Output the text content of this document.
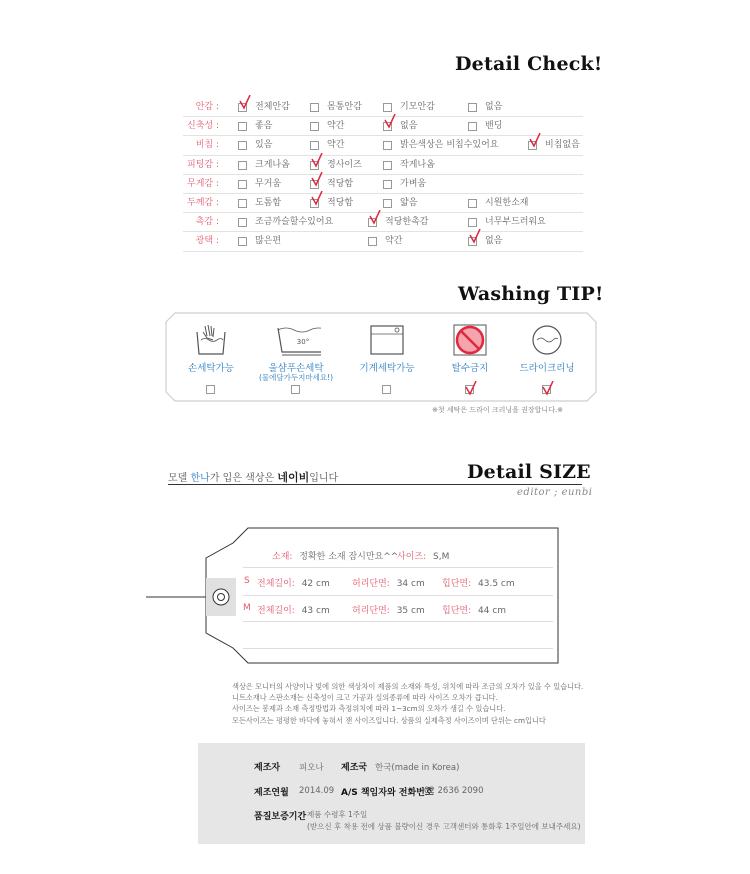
Detail Check!
안감 :	전체안감	몸통안감	기모안감	없음
신축성 :	좋음	약간	없음	밴딩
비침 :	있음	약간	밝은색상은 비침수있어요	비침없음
피팅감 :	크게나옴	정사이즈	작게나옴
무게감 :	무거움	적당함	가벼움
두께감 :	도톰함	적당함	얇음	시원한소재
촉감 :	조금까슬할수있어요	적당한촉감	너무부드러워요
광택 :	많은편	약간	없음
Washing TIP!
손세탁가능
30°
울샴푸손세탁
(물에담가두지마세요!)
기계세탁가능	탈수금지	드라이크리닝
※첫 세탁은 드라이 크리닝을 권장합니다.※
모델 한나가 입은 색상은 네이비입니다	Detail SIZE
editor ; eunbi
소재: 정확한 소재 잠시만요^^
사이즈: S,M
S 전체길이: 42 cm 허리단면: 34 cm 힙단면: 43.5 cm
M 전체길이: 43 cm 허리단면: 35 cm 힙단면: 44 cm
색상은 모니터의 사양이나 빛에 의한 색상차이 제품의 소재와 특성, 위치에 따라 조금의 오차가 있을 수 있습니다.
니트소재나 스판소재는 신축성이 크고 가공과 실의종류에 따라 사이즈 오차가 큽니다.
사이즈는 봉제과 소재 측정방법과 측정위치에 따라 1~3cm의 오차가 생길 수 있습니다.
모든사이즈는 평평한 바닥에 놓혀서 잰 사이즈입니다. 상품의 실제측정 사이즈이며 단위는 cm입니다
제조자 피오나 제조국 한국(made in Korea)
제조연월 2014.09 A/S 책임자와 전화번호
02 2636 2090
품질보증기간 제품 수령후 1주일
(받으신 후 착용 전에 상품 불량이신 경우 고객센터와 통화후 1주일안에 보내주세요)
